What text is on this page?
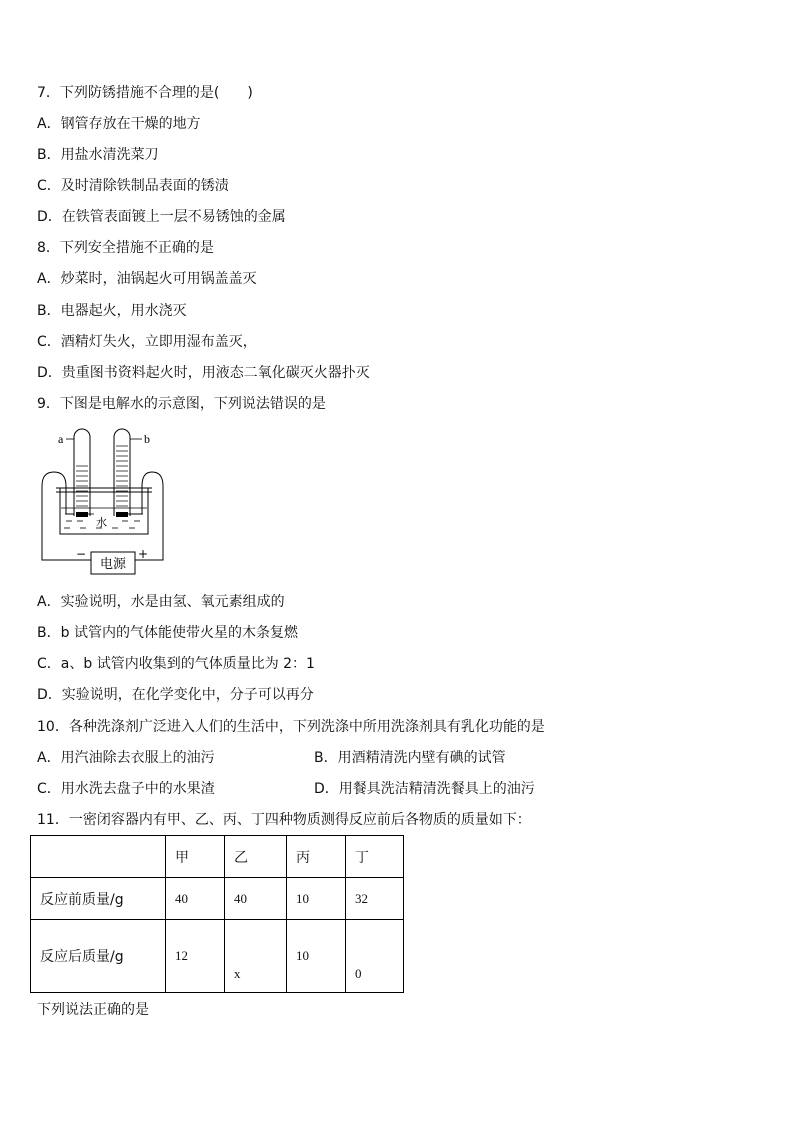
7．下列防锈措施不合理的是(　　)
A．钢管存放在干燥的地方
B．用盐水清洗菜刀
C．及时清除铁制品表面的锈渍
D．在铁管表面镀上一层不易锈蚀的金属
8．下列安全措施不正确的是
A．炒菜时，油锅起火可用锅盖盖灭
B．电器起火，用水浇灭
C．酒精灯失火，立即用湿布盖灭，
D．贵重图书资料起火时，用液态二氧化碳灭火器扑灭
9．下图是电解水的示意图，下列说法错误的是
水
a	b
−	+
电源
A．实验说明，水是由氢、氧元素组成的
B．b 试管内的气体能使带火星的木条复燃
C．a、b 试管内收集到的气体质量比为 2：1
D．实验说明，在化学变化中，分子可以再分
10．各种洗涤剂广泛进入人们的生活中，下列洗涤中所用洗涤剂具有乳化功能的是
A．用汽油除去衣服上的油污	B．用酒精清洗内壁有碘的试管
C．用水洗去盘子中的水果渣	D．用餐具洗洁精清洗餐具上的油污
11．一密闭容器内有甲、乙、丙、丁四种物质测得反应前后各物质的质量如下：
	甲	乙	丙	丁
反应前质量/g	40	40	10	32
反应后质量/g	12	x	10	0
下列说法正确的是
